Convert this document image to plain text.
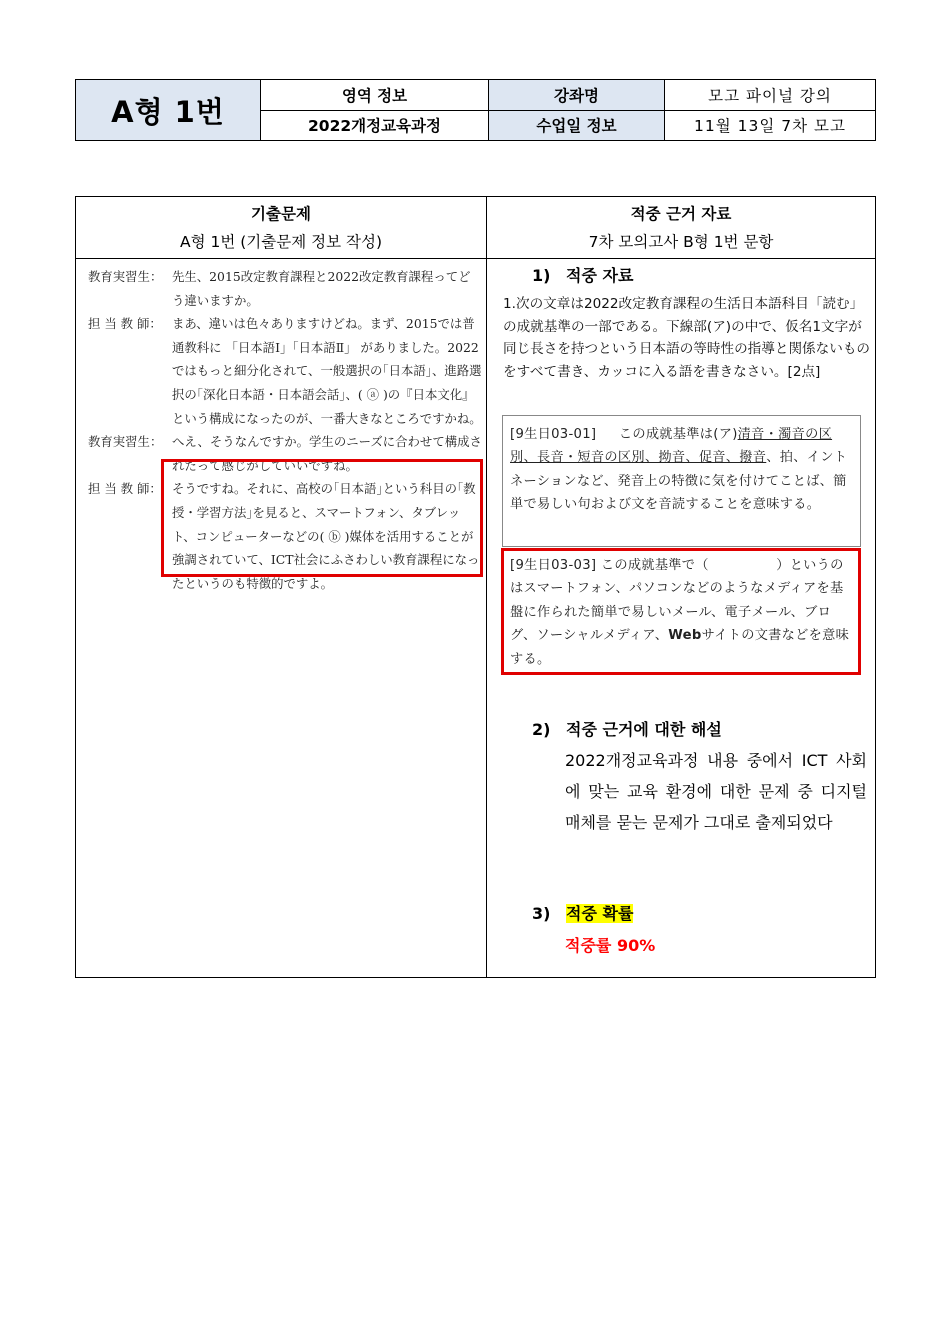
A형 1번	영역 정보
2022개정교육과정
강좌명
수업일 정보
모고 파이널 강의
11월 13일 7차 모고
기출문제
A형 1번 (기출문제 정보 작성)
教育実習生： 先生、2015改定教育課程と2022改定教育課程ってどう違いますか。
担 当 教 師： まあ、違いは色々ありますけどね。まず、2015では普通教科に 「日本語Ⅰ」「日本語Ⅱ」 がありました。2022ではもっと細分化されて、一般選択の｢日本語｣、進路選択の｢深化日本語・日本語会話｣、( ⓐ )の『日本文化』という構成になったのが、一番大きなところですかね。
教育実習生： へえ、そうなんですか。学生のニーズに合わせて構成されたって感じがしていいですね。
担 当 教 師： そうですね。それに、高校の｢日本語｣という科目の｢教授・学習方法｣を見ると、スマートフォン、タブレット、コンピューターなどの( ⓑ )媒体を活用することが強調されていて、ICT社会にふさわしい教育課程になったというのも特徴的ですよ。
적중 근거 자료
7차 모의고사 B형 1번 문항
1) 적중 자료
1.次の文章は2022改定教育課程の生活日本語科目「読む」の成就基準の一部である。下線部(ア)の中で、仮名1文字が同じ長さを持つという日本語の等時性の指導と関係ないものをすべて書き、カッコに入る語を書きなさい。[2点]
[9生日03-01] この成就基準は(ア)清音・濁音の区別、長音・短音の区別、拗音、促音、撥音、拍、イントネーションなど、発音上の特徴に気を付けてことば、簡単で易しい句および文を音読することを意味する。
[9生日03-03] この成就基準で（　　　　　）というのはスマートフォン、パソコンなどのようなメディアを基盤に作られた簡単で易しいメール、電子メール、ブログ、ソーシャルメディア、Webサイトの文書などを意味する。
2) 적중 근거에 대한 해설
2022개정교육과정 내용 중에서 ICT 사회에 맞는 교육 환경에 대한 문제 중 디지털 매체를 묻는 문제가 그대로 출제되었다
3) 적중 확률
적중률 90%
